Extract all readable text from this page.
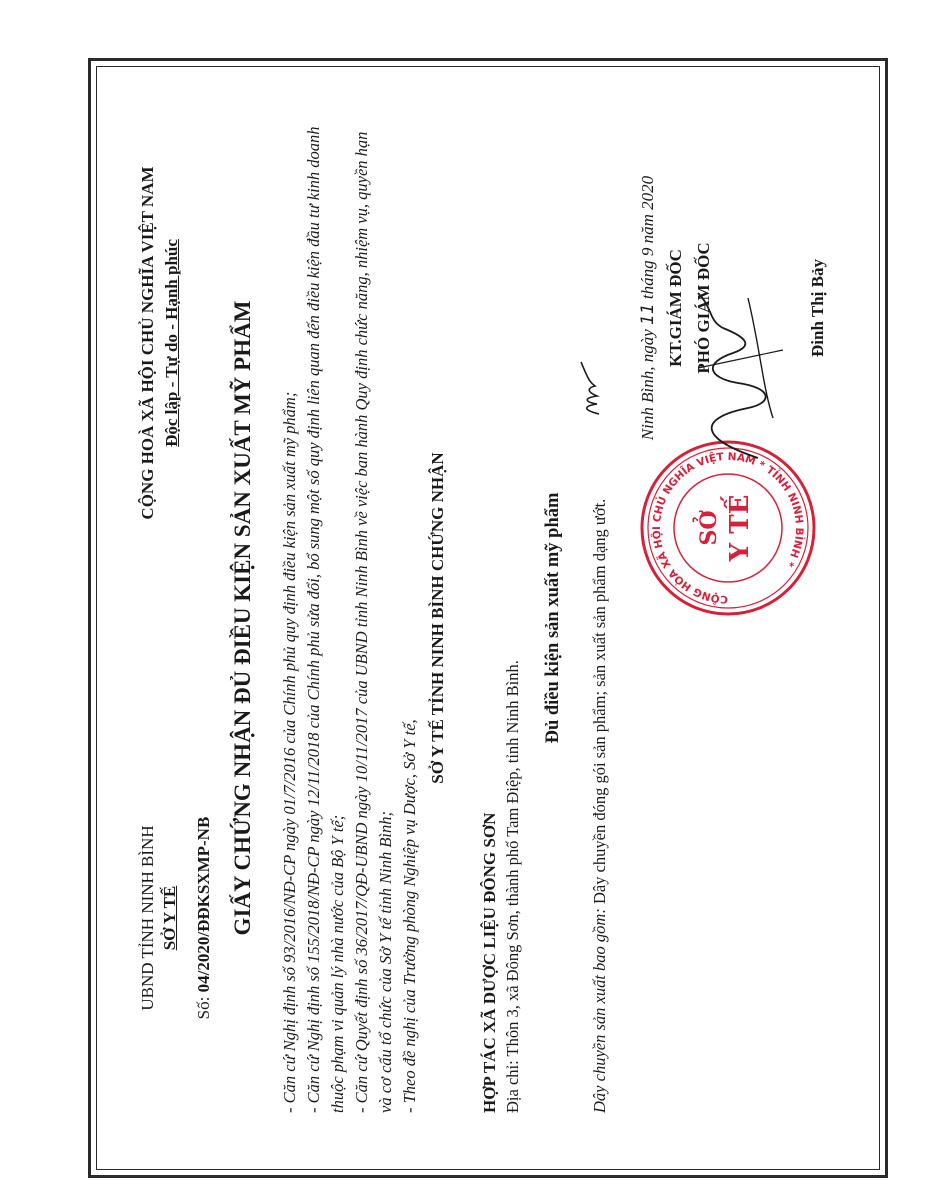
UBND TỈNH NINH BÌNH SỞ Y TẾ
Số: 04/2020/ĐĐKSXMP-NB
CỘNG HOÀ XÃ HỘI CHỦ NGHĨA VIỆT NAM Độc lập - Tự do - Hạnh phúc GIẤY CHỨNG NHẬN ĐỦ ĐIỀU KIỆN SẢN XUẤT MỸ PHẨM - Căn cứ Nghị định số 93/2016/NĐ-CP ngày 01/7/2016 của Chính phủ quy định điều kiện sản xuất mỹ phẩm; - Căn cứ Nghị định số 155/2018/NĐ-CP ngày 12/11/2018 của Chính phủ sửa đổi, bổ sung một số quy định liên quan đến điều kiện đầu tư kinh doanh thuộc phạm vi quản lý nhà nước của Bộ Y tế; - Căn cứ Quyết định số 36/2017/QĐ-UBND ngày 10/11/2017 của UBND tỉnh Ninh Bình về việc ban hành Quy định chức năng, nhiệm vụ, quyền hạn và cơ cấu tổ chức của Sở Y tế tỉnh Ninh Bình; - Theo đề nghị của Trưởng phòng Nghiệp vụ Dược, Sở Y tế,

SỞ Y TẾ TỈNH NINH BÌNH CHỨNG NHẬN
HỢP TÁC XÃ DƯỢC LIỆU ĐÔNG SƠN Địa chỉ: Thôn 3, xã Đông Sơn, thành phố Tam Điệp, tỉnh Ninh Bình.
Đủ điều kiện sản xuất mỹ phẩm
Dây chuyền sản xuất bao gồm: Dây chuyền đóng gói sản phẩm; sản xuất sản phẩm dạng ướt.
Ninh Bình, ngày 11 tháng 9 năm 2020
KT.GIÁM ĐỐC PHÓ GIÁM ĐỐC
CỘNG HÒA XÃ HỘI CHỦ NGHĨA VIỆT NAM * TỈNH NINH BÌNH *
SỞ Y TẾ
Đinh Thị Bảy
